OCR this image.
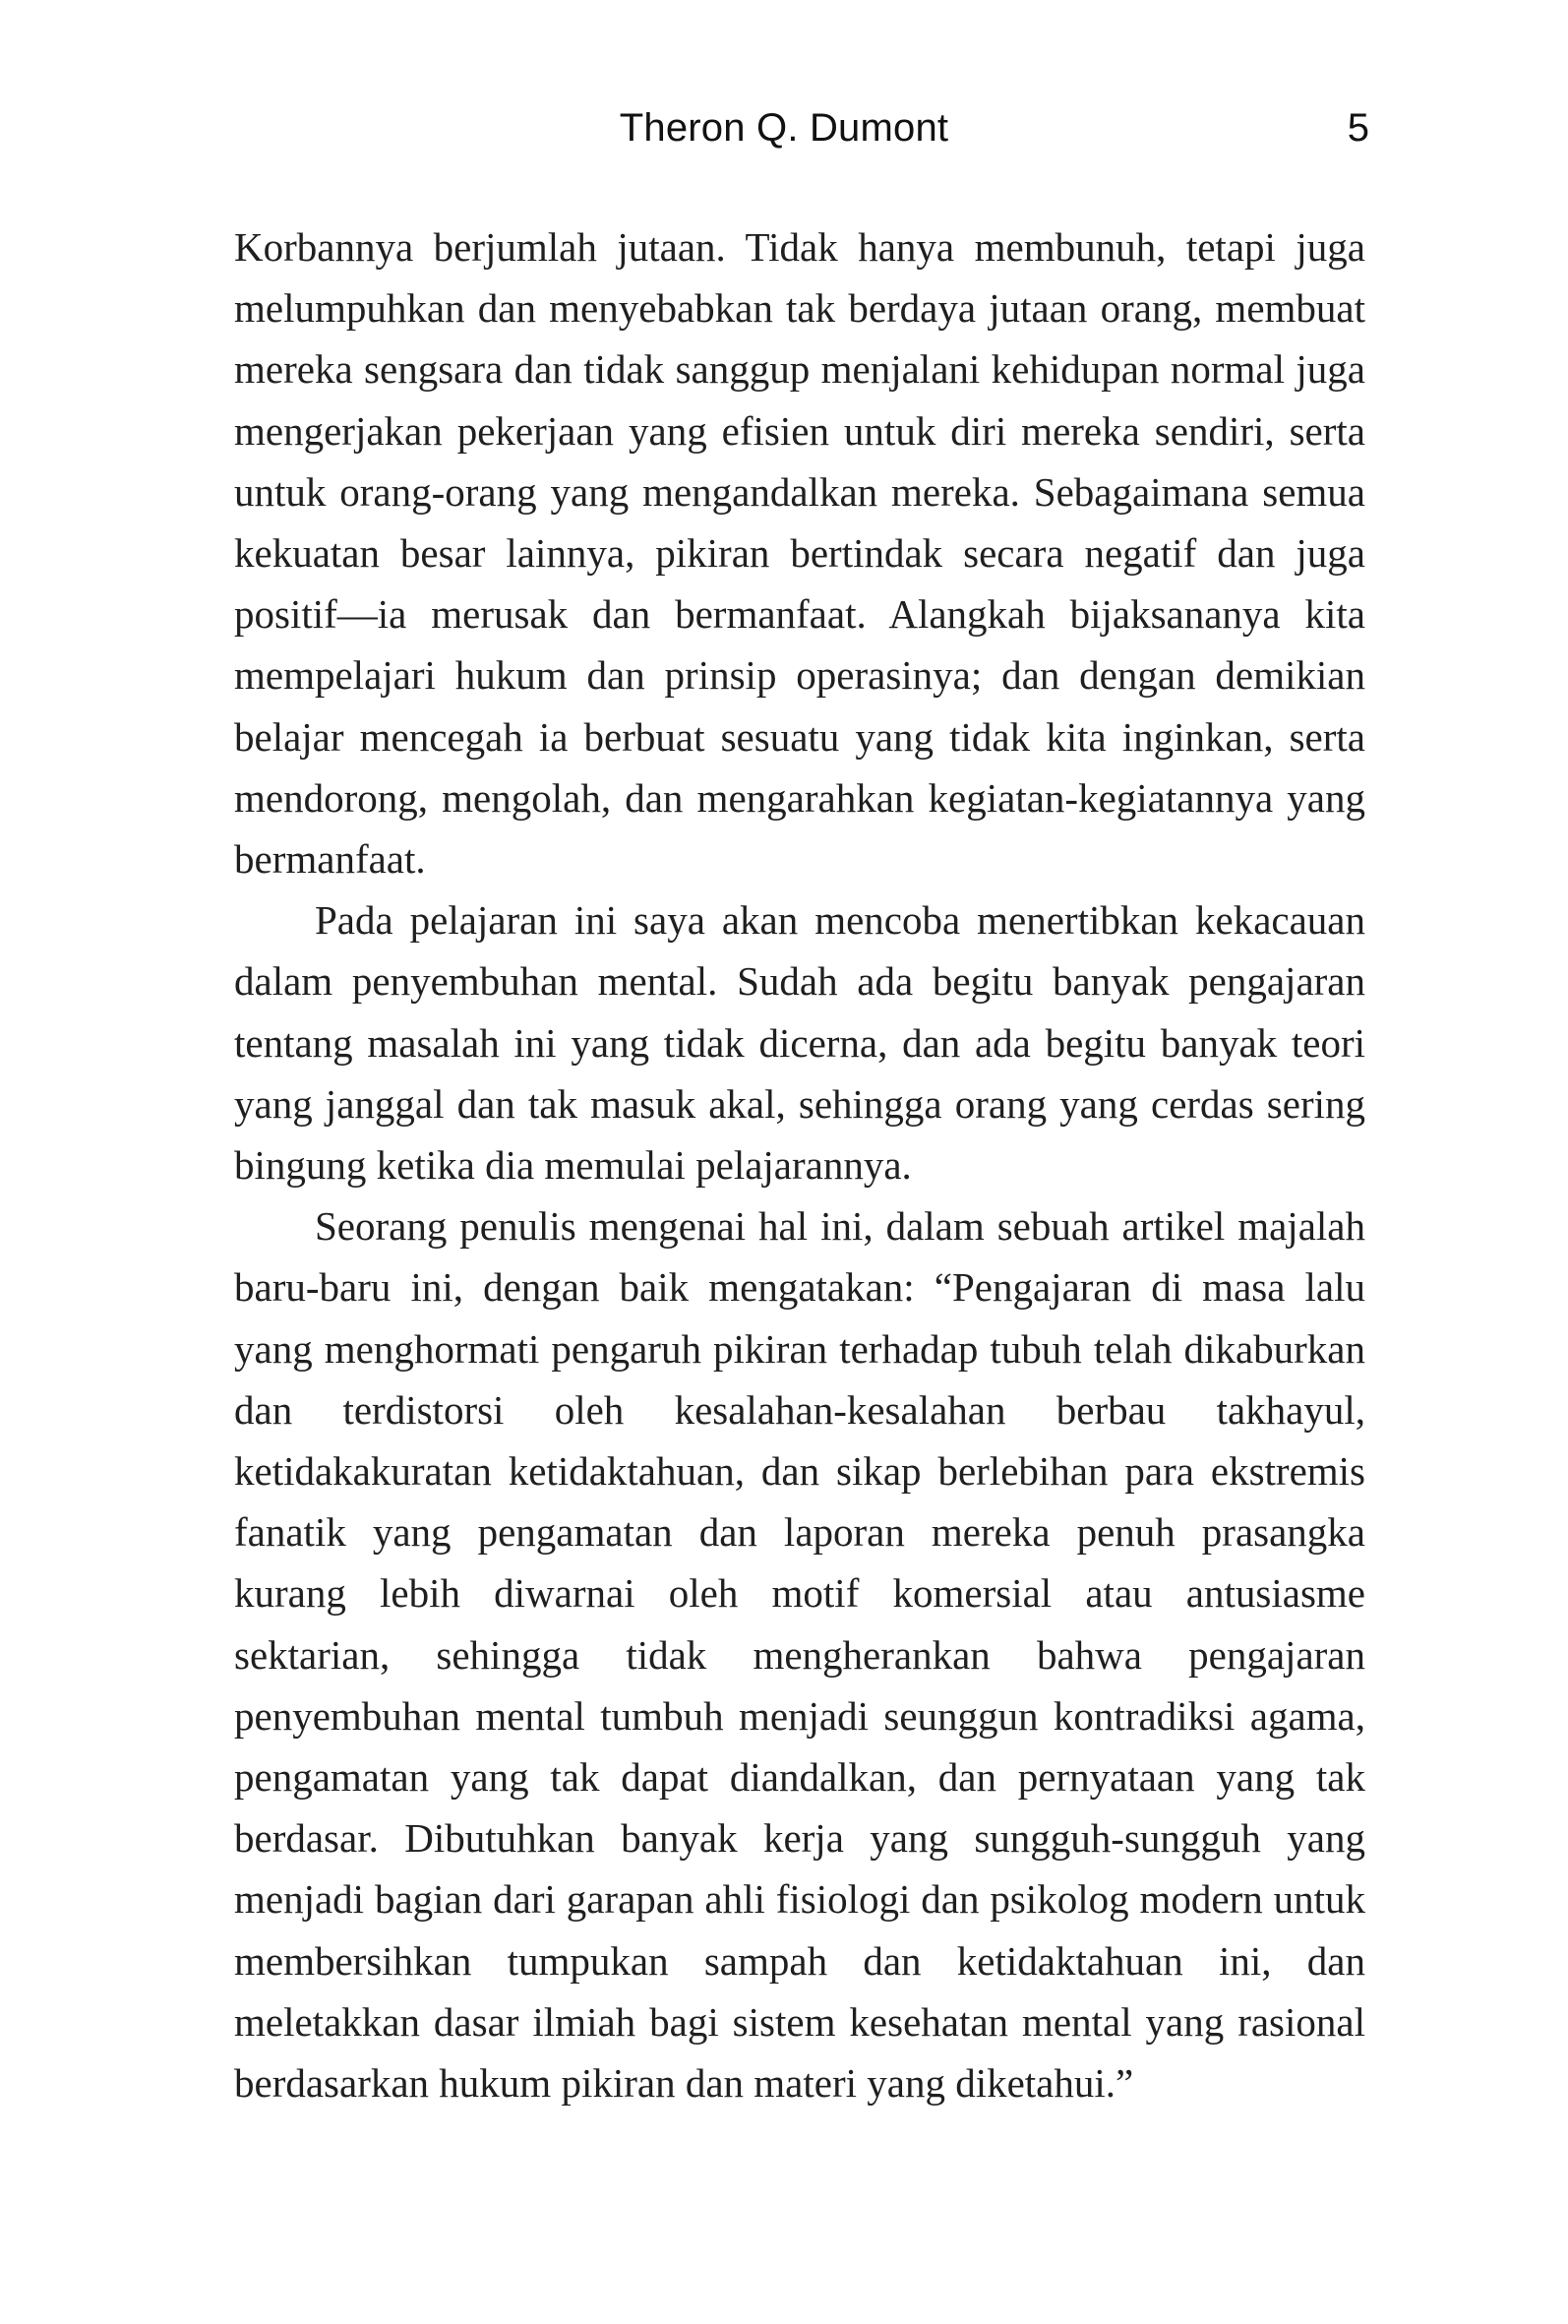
Theron Q. Dumont	5

Korbannya berjumlah jutaan. Tidak hanya membunuh, tetapi juga melumpuhkan dan menyebabkan tak berdaya jutaan orang, membuat mereka sengsara dan tidak sanggup menjalani kehidupan normal juga mengerjakan pekerjaan yang efisien untuk diri mereka sendiri, serta untuk orang-orang yang mengandalkan mereka. Sebagaimana semua kekuatan besar lainnya, pikiran bertindak secara negatif dan juga positif—ia merusak dan bermanfaat. Alangkah bijaksananya kita mempelajari hukum dan prinsip operasinya; dan dengan demikian belajar mencegah ia berbuat sesuatu yang tidak kita inginkan, serta mendorong, mengolah, dan mengarahkan kegiatan-kegiatannya yang bermanfaat.

Pada pelajaran ini saya akan mencoba menertibkan kekacauan dalam penyembuhan mental. Sudah ada begitu banyak pengajaran tentang masalah ini yang tidak dicerna, dan ada begitu banyak teori yang janggal dan tak masuk akal, sehingga orang yang cerdas sering bingung ketika dia memulai pelajarannya.

Seorang penulis mengenai hal ini, dalam sebuah artikel majalah baru-baru ini, dengan baik mengatakan: “Pengajaran di masa lalu yang menghormati pengaruh pikiran terhadap tubuh telah dikaburkan dan terdistorsi oleh kesalahan-kesalahan berbau takhayul, ketidakakuratan ketidaktahuan, dan sikap berlebihan para ekstremis fanatik yang pengamatan dan laporan mereka penuh prasangka kurang lebih diwarnai oleh motif komersial atau antusiasme sektarian, sehingga tidak mengherankan bahwa pengajaran penyembuhan mental tumbuh menjadi seunggun kontradiksi agama, pengamatan yang tak dapat diandalkan, dan pernyataan yang tak berdasar. Dibutuhkan banyak kerja yang sungguh-sungguh yang menjadi bagian dari garapan ahli fisiologi dan psikolog modern untuk membersihkan tumpukan sampah dan ketidaktahuan ini, dan meletakkan dasar ilmiah bagi sistem kesehatan mental yang rasional berdasarkan hukum pikiran dan materi yang diketahui.”
